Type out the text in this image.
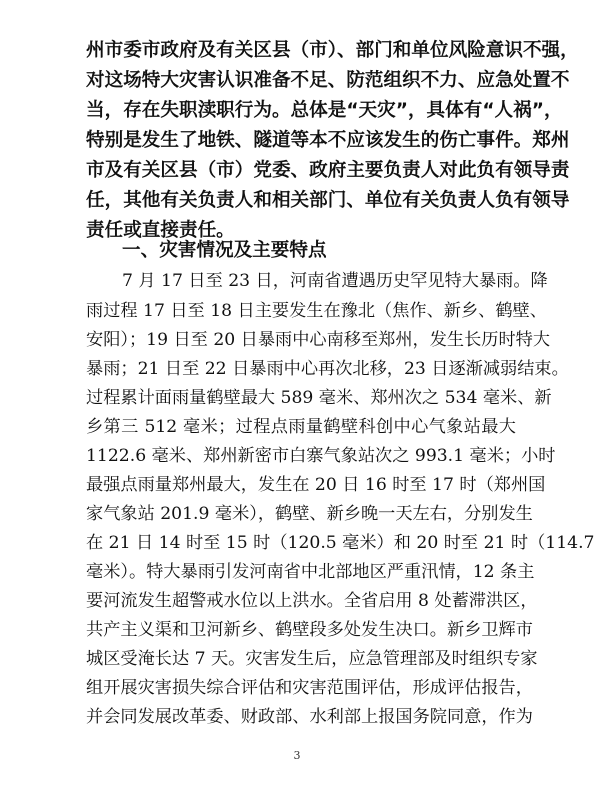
州市委市政府及有关区县（市）、部门和单位风险意识不强，
对这场特大灾害认识准备不足、防范组织不力、应急处置不
当，存在失职渎职行为。总体是“天灾”，具体有“人祸”，
特别是发生了地铁、隧道等本不应该发生的伤亡事件。郑州
市及有关区县（市）党委、政府主要负责人对此负有领导责
任，其他有关负责人和相关部门、单位有关负责人负有领导
责任或直接责任。
一、灾害情况及主要特点
7 月 17 日至 23 日，河南省遭遇历史罕见特大暴雨。降
雨过程 17 日至 18 日主要发生在豫北（焦作、新乡、鹤壁、
安阳）；19 日至 20 日暴雨中心南移至郑州，发生长历时特大
暴雨；21 日至 22 日暴雨中心再次北移，23 日逐渐减弱结束。
过程累计面雨量鹤壁最大 589 毫米、郑州次之 534 毫米、新
乡第三 512 毫米；过程点雨量鹤壁科创中心气象站最大
1122.6 毫米、郑州新密市白寨气象站次之 993.1 毫米；小时
最强点雨量郑州最大，发生在 20 日 16 时至 17 时（郑州国
家气象站 201.9 毫米），鹤壁、新乡晚一天左右，分别发生
在 21 日 14 时至 15 时（120.5 毫米）和 20 时至 21 时（114.7
毫米）。特大暴雨引发河南省中北部地区严重汛情，12 条主
要河流发生超警戒水位以上洪水。全省启用 8 处蓄滞洪区，
共产主义渠和卫河新乡、鹤壁段多处发生决口。新乡卫辉市
城区受淹长达 7 天。灾害发生后，应急管理部及时组织专家
组开展灾害损失综合评估和灾害范围评估，形成评估报告，
并会同发展改革委、财政部、水利部上报国务院同意，作为
3
